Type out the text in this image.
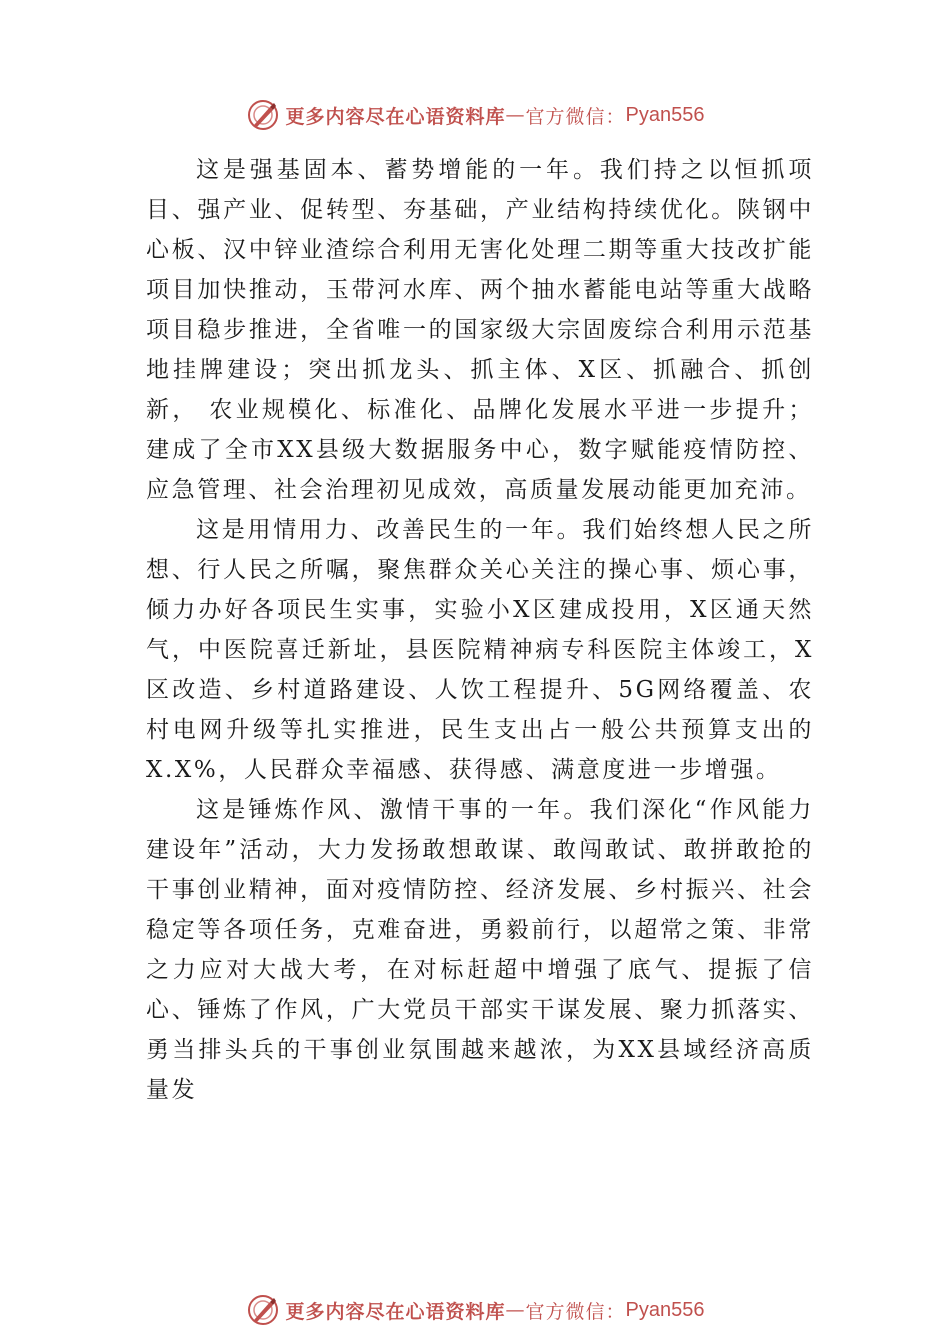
更多内容尽在心语资料库 — 官方微信： Pyan556

这是强基固本、蓄势增能的一年。我们持之以恒抓项目、强产业、促转型、夯基础，产业结构持续优化。陕钢中心板、汉中锌业渣综合利用无害化处理二期等重大技改扩能项目加快推动，玉带河水库、两个抽水蓄能电站等重大战略项目稳步推进，全省唯一的国家级大宗固废综合利用示范基地挂牌建设；突出抓龙头、抓主体、X区、抓融合、抓创新， 农业规模化、标准化、品牌化发展水平进一步提升；建成了全市XX县级大数据服务中心，数字赋能疫情防控、应急管理、社会治理初见成效，高质量发展动能更加充沛。

这是用情用力、改善民生的一年。我们始终想人民之所想、行人民之所嘱，聚焦群众关心关注的操心事、烦心事， 倾力办好各项民生实事，实验小X区建成投用，X区通天然气，中医院喜迁新址，县医院精神病专科医院主体竣工，X区改造、乡村道路建设、人饮工程提升、5G网络覆盖、农村电网升级等扎实推进，民生支出占一般公共预算支出的 X.X%，人民群众幸福感、获得感、满意度进一步增强。

这是锤炼作风、激情干事的一年。我们深化“作风能力建设年”活动，大力发扬敢想敢谋、敢闯敢试、敢拼敢抢的干事创业精神，面对疫情防控、经济发展、乡村振兴、社会稳定等各项任务，克难奋进，勇毅前行，以超常之策、非常之力应对大战大考，在对标赶超中增强了底气、提振了信心、锤炼了作风，广大党员干部实干谋发展、聚力抓落实、勇当排头兵的干事创业氛围越来越浓，为XX县域经济高质量发

更多内容尽在心语资料库 — 官方微信： Pyan556
